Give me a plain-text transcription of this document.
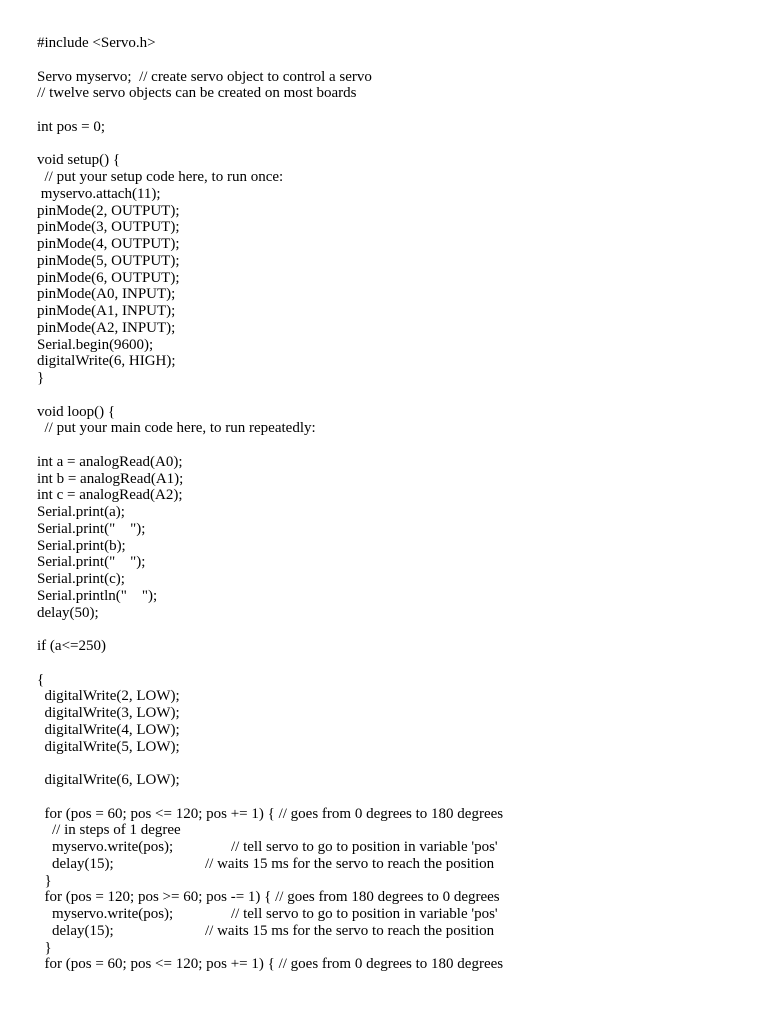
#include <Servo.h>
Servo myservo;  // create servo object to control a servo
// twelve servo objects can be created on most boards
int pos = 0;
void setup() {
// put your setup code here, to run once:
myservo.attach(11);
pinMode(2, OUTPUT);
pinMode(3, OUTPUT);
pinMode(4, OUTPUT);
pinMode(5, OUTPUT);
pinMode(6, OUTPUT);
pinMode(A0, INPUT);
pinMode(A1, INPUT);
pinMode(A2, INPUT);
Serial.begin(9600);
digitalWrite(6, HIGH);
}
void loop() {
// put your main code here, to run repeatedly:
int a = analogRead(A0);
int b = analogRead(A1);
int c = analogRead(A2);
Serial.print(a);
Serial.print("    ");
Serial.print(b);
Serial.print("    ");
Serial.print(c);
Serial.println("    ");
delay(50);
if (a<=250)
{
digitalWrite(2, LOW);
digitalWrite(3, LOW);
digitalWrite(4, LOW);
digitalWrite(5, LOW);
digitalWrite(6, LOW);
for (pos = 60; pos <= 120; pos += 1) { // goes from 0 degrees to 180 degrees
// in steps of 1 degree
myservo.write(pos);	// tell servo to go to position in variable 'pos'
delay(15);	// waits 15 ms for the servo to reach the position
}
for (pos = 120; pos >= 60; pos -= 1) { // goes from 180 degrees to 0 degrees
myservo.write(pos);	// tell servo to go to position in variable 'pos'
delay(15);	// waits 15 ms for the servo to reach the position
}
for (pos = 60; pos <= 120; pos += 1) { // goes from 0 degrees to 180 degrees
